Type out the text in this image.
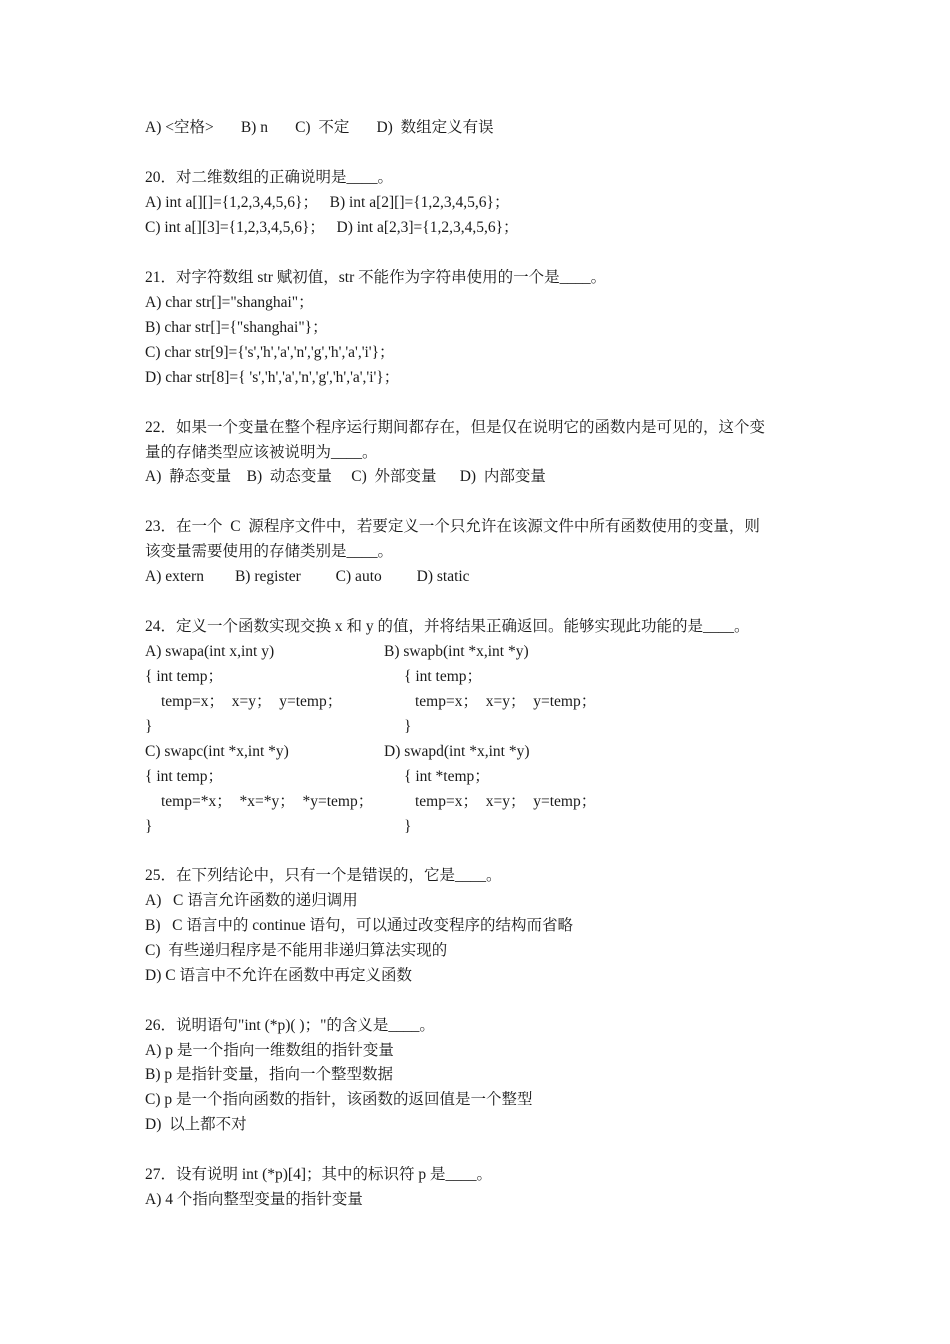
A) <空格>       B) n       C)  不定       D)  数组定义有误
20．对二维数组的正确说明是____。
A) int a[][]={1,2,3,4,5,6}；   B) int a[2][]={1,2,3,4,5,6}；
C) int a[][3]={1,2,3,4,5,6}；   D) int a[2,3]={1,2,3,4,5,6}；
21．对字符数组 str 赋初值，str 不能作为字符串使用的一个是____。
A) char str[]="shanghai"；
B) char str[]={"shanghai"}；
C) char str[9]={'s','h','a','n','g','h','a','i'}；
D) char str[8]={ 's','h','a','n','g','h','a','i'}；
22．如果一个变量在整个程序运行期间都存在，但是仅在说明它的函数内是可见的，这个变
量的存储类型应该被说明为____。
A)  静态变量    B)  动态变量     C)  外部变量      D)  内部变量
23．在一个  C  源程序文件中,   若要定义一个只允许在该源文件中所有函数使用的变量，则
该变量需要使用的存储类别是____。
A) extern        B) register         C) auto         D) static
24．定义一个函数实现交换 x 和 y 的值，并将结果正确返回。能够实现此功能的是____。
A) swapa(int x,int y)	B) swapb(int *x,int *y)
{ int temp；	{ int temp；
temp=x；  x=y；  y=temp；	temp=x；  x=y；  y=temp；
}	}
C) swapc(int *x,int *y)	D) swapd(int *x,int *y)
{ int temp；	{ int *temp；
temp=*x；  *x=*y；  *y=temp；	temp=x；  x=y；  y=temp；
}	}
25．在下列结论中，只有一个是错误的，它是____。
A)   C 语言允许函数的递归调用
B)   C 语言中的 continue 语句，可以通过改变程序的结构而省略
C)  有些递归程序是不能用非递归算法实现的
D) C 语言中不允许在函数中再定义函数
26．说明语句"int (*p)( )；"的含义是____。
A) p 是一个指向一维数组的指针变量
B) p 是指针变量，指向一个整型数据
C) p 是一个指向函数的指针，该函数的返回值是一个整型
D)  以上都不对
27．设有说明 int (*p)[4]；其中的标识符 p 是____。
A) 4 个指向整型变量的指针变量
